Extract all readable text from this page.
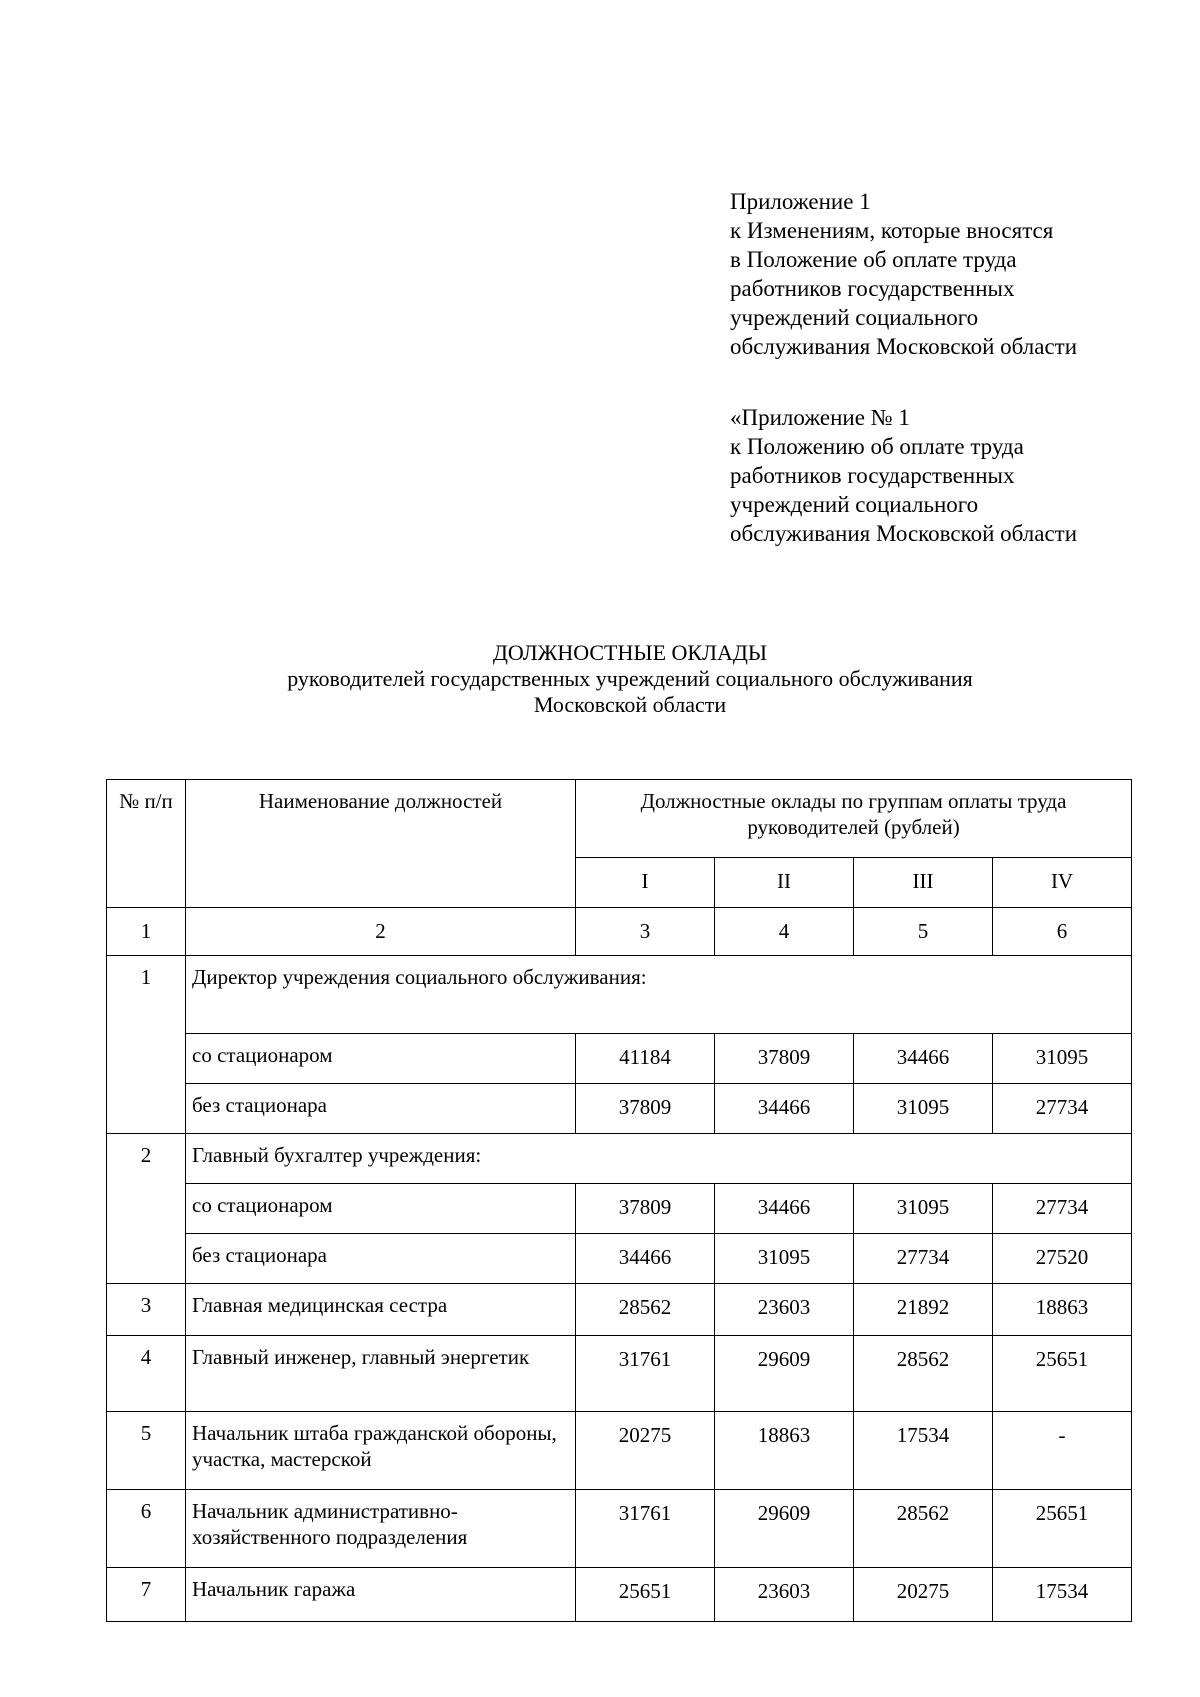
Приложение 1
к Изменениям, которые вносятся
в Положение об оплате труда
работников государственных
учреждений социального
обслуживания Московской области
«Приложение № 1
к Положению об оплате труда
работников государственных
учреждений социального
обслуживания Московской области
ДОЛЖНОСТНЫЕ ОКЛАДЫ
руководителей государственных учреждений социального обслуживания
Московской области
№ п/п	Наименование должностей	Должностные оклады по группам оплаты труда руководителей (рублей)			
		I	II	III	IV
1	2	3	4	5	6
1	Директор учреждения социального обслуживания:				
	со стационаром	41184	37809	34466	31095
	без стационара	37809	34466	31095	27734
2	Главный бухгалтер учреждения:				
	со стационаром	37809	34466	31095	27734
	без стационара	34466	31095	27734	27520
3	Главная медицинская сестра	28562	23603	21892	18863
4	Главный инженер, главный энергетик	31761	29609	28562	25651
5	Начальник штаба гражданской обороны, участка, мастерской	20275	18863	17534	-
6	Начальник административно-хозяйственного подразделения	31761	29609	28562	25651
7	Начальник гаража	25651	23603	20275	17534
